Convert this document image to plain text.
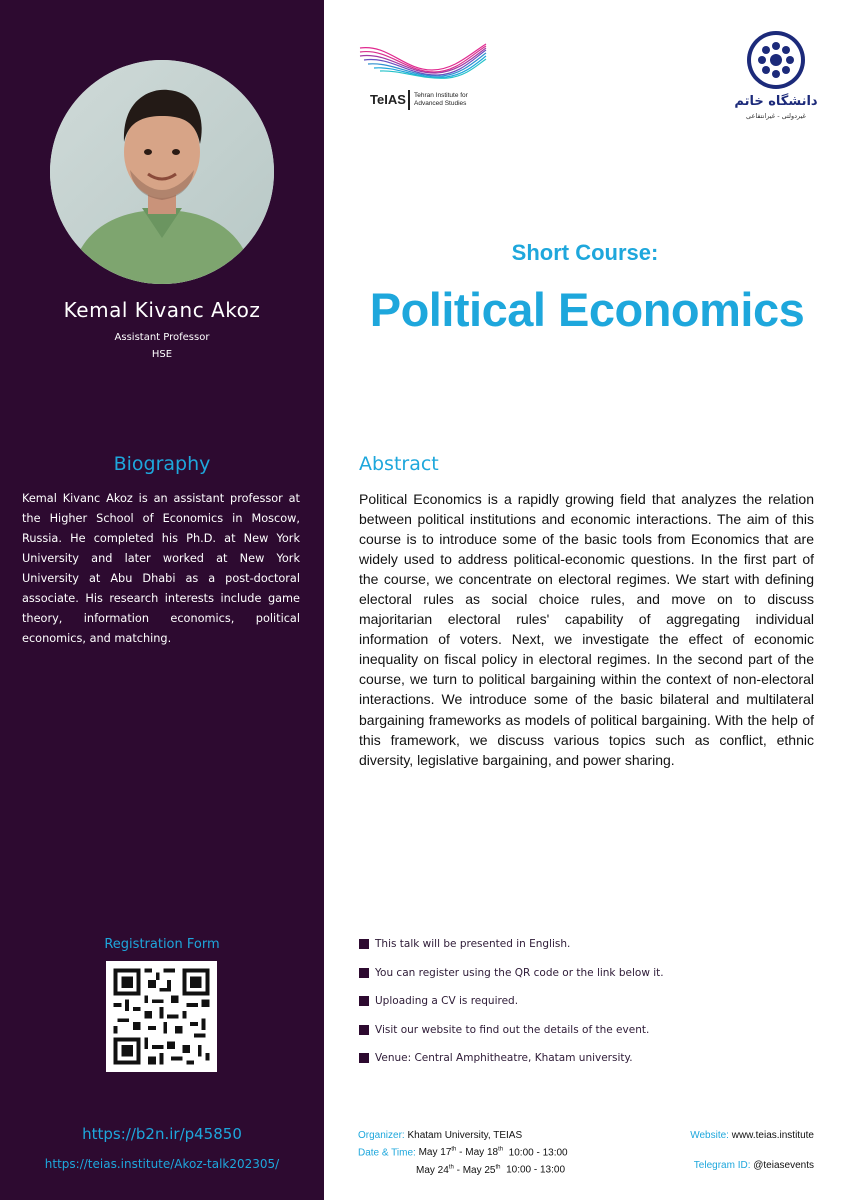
Kemal Kivanc Akoz
Assistant Professor
HSE
Biography
Kemal Kivanc Akoz is an assistant professor at the Higher School of Economics in Moscow, Russia. He completed his Ph.D. at New York University and later worked at New York University at Abu Dhabi as a post-doctoral associate. His research interests include game theory, information economics, political economics, and matching.
Registration Form
https://b2n.ir/p45850
https://teias.institute/Akoz-talk202305/
TeIAS Tehran Institute for
Advanced Studies	دانشگاه خاتم
غیردولتی - غیرانتفاعی
Short Course:
Political Economics
Abstract
Political Economics is a rapidly growing field that analyzes the relation between political institutions and economic interactions. The aim of this course is to introduce some of the basic tools from Economics that are widely used to address political-economic questions. In the first part of the course, we concentrate on electoral regimes. We start with defining electoral rules as social choice rules, and move on to discuss majoritarian electoral rules' capability of aggregating individual information of voters. Next, we investigate the effect of economic inequality on fiscal policy in electoral regimes. In the second part of the course, we turn to political bargaining within the context of non-electoral interactions. We introduce some of the basic bilateral and multilateral bargaining frameworks as models of political bargaining. With the help of this framework, we discuss various topics such as conflict, ethnic diversity, legislative bargaining, and power sharing.
This talk will be presented in English.
You can register using the QR code or the link below it.
Uploading a CV is required.
Visit our website to find out the details of the event.
Venue: Central Amphitheatre, Khatam university.
Organizer: Khatam University, TEIAS
Date & Time: May 17th - May 18th 10:00 - 13:00
May 24th - May 25th 10:00 - 13:00
Website: www.teias.institute
Telegram ID: @teiasevents
